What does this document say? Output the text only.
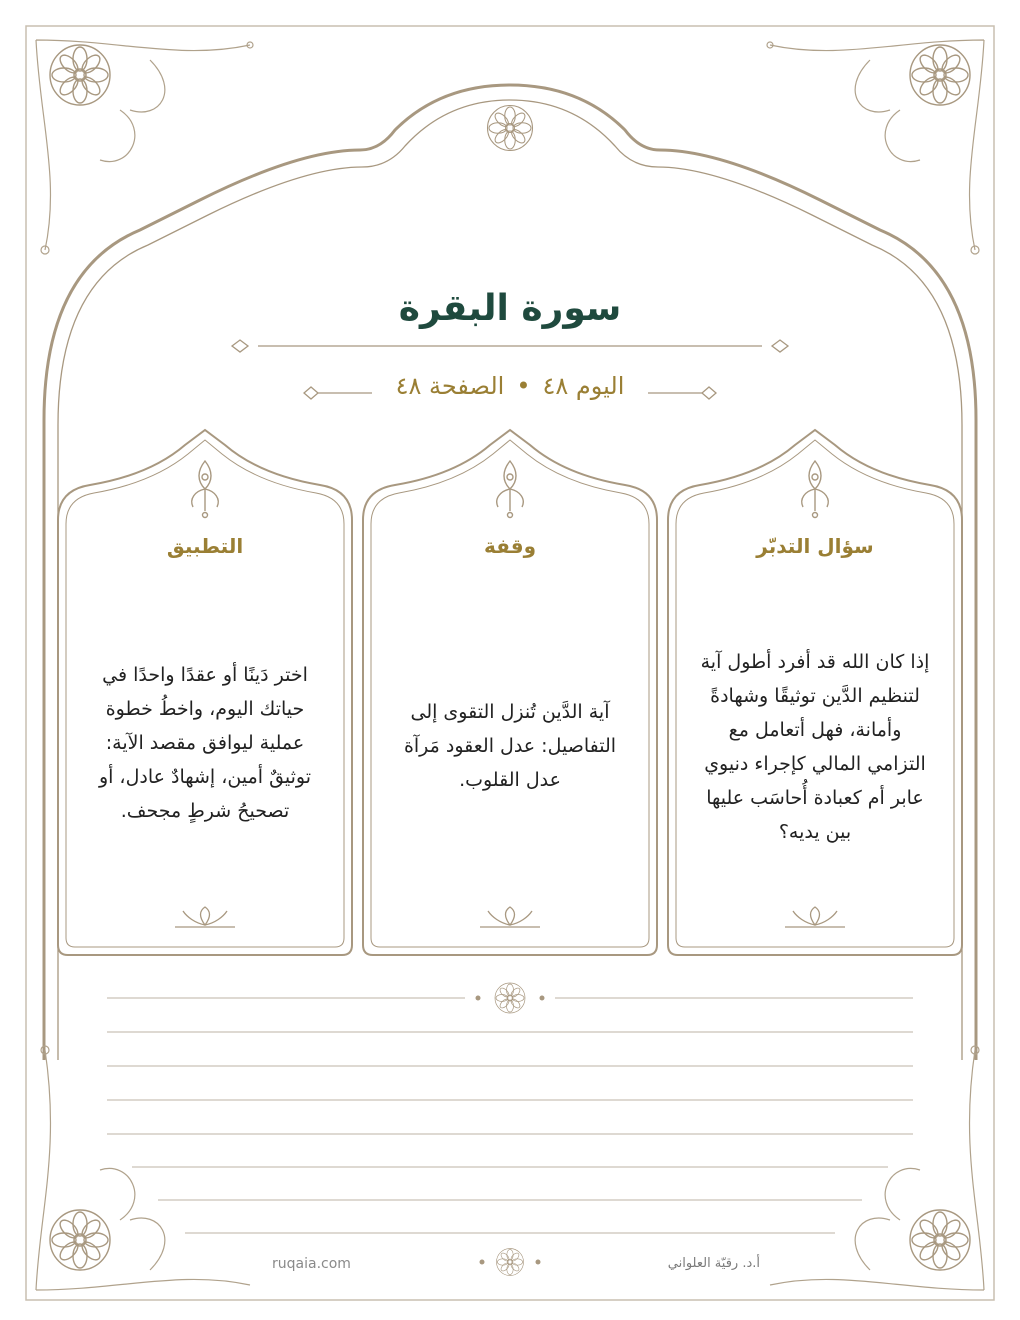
سورة البقرة
اليوم ٤٨•الصفحة ٤٨
سؤال التدبّر
إذا كان الله قد أفرد أطول آية
لتنظيم الدَّين توثيقًا وشهادةً
وأمانة، فهل أتعامل مع
التزامي المالي كإجراء دنيوي
عابر أم كعبادة أُحاسَب عليها
بين يديه؟
وقفة
آية الدَّين تُنزل التقوى إلى
التفاصيل: عدل العقود مَرآة
عدل القلوب.
التطبيق
اختر دَينًا أو عقدًا واحدًا في
حياتك اليوم، واخطُ خطوة
عملية ليوافق مقصد الآية:
توثيقٌ أمين، إشهادٌ عادل، أو
تصحيحُ شرطٍ مجحف.
ruqaia.com	أ.د. رقيّة العلواني
